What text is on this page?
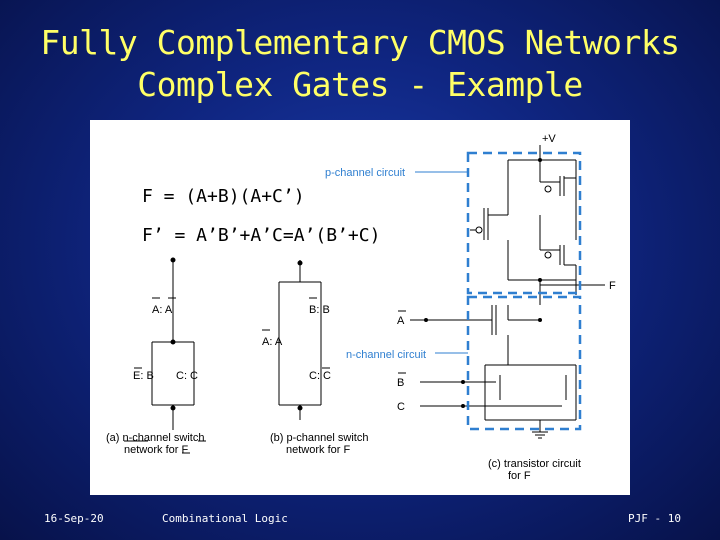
Fully Complementary CMOS Networks
Complex Gates - Example
F = (A+B)(A+C’)
F’ = A’B’+A’C=A’(B’+C)
A: A
E: B C: C
(a) n-channel switch
network for F
B: B
A: A
C: C
(b) p-channel switch
network for F
+V
p-channel circuit
n-channel circuit
F
A
B
C
(c) transistor circuit
for F
16-Sep-20	Combinational Logic	PJF - 10
